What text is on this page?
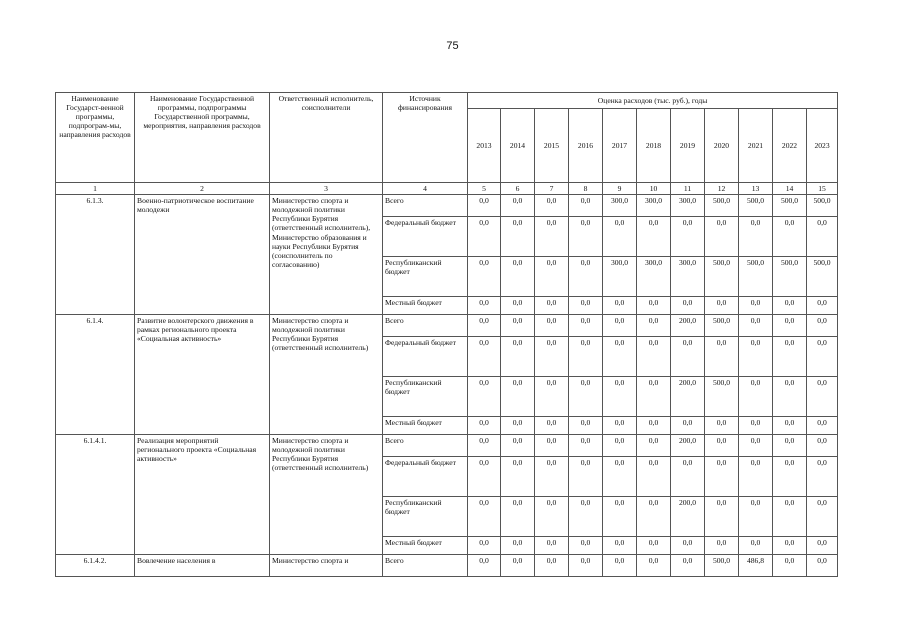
75
Наименование Государст-венной программы, подпрограм-мы, направления расходов	Наименование Государственной программы, подпрограммы Государственной программы, мероприятия, направления расходов	Ответственный исполнитель, соисполнители	Источник финансирования	Оценка расходов (тыс. руб.), годы										
				2013	2014	2015	2016	2017	2018	2019	2020	2021	2022	2023
1	2	3	4	5	6	7	8	9	10	11	12	13	14	15
6.1.3.	Военно-патриотическое воспитание молодежи	Министерство спорта и молодежной политики Республики Бурятия (ответственный исполнитель), Министерство образования и науки Республики Бурятия (соисполнитель по согласованию)	Всего	0,0	0,0	0,0	0,0	300,0	300,0	300,0	500,0	500,0	500,0	500,0
			Федеральный бюджет	0,0	0,0	0,0	0,0	0,0	0,0	0,0	0,0	0,0	0,0	0,0
			Республиканский бюджет	0,0	0,0	0,0	0,0	300,0	300,0	300,0	500,0	500,0	500,0	500,0
			Местный бюджет	0,0	0,0	0,0	0,0	0,0	0,0	0,0	0,0	0,0	0,0	0,0
6.1.4.	Развитие волонтерского движения в рамках регионального проекта «Социальная активность»	Министерство спорта и молодежной политики Республики Бурятия (ответственный исполнитель)	Всего	0,0	0,0	0,0	0,0	0,0	0,0	200,0	500,0	0,0	0,0	0,0
			Федеральный бюджет	0,0	0,0	0,0	0,0	0,0	0,0	0,0	0,0	0,0	0,0	0,0
			Республиканский бюджет	0,0	0,0	0,0	0,0	0,0	0,0	200,0	500,0	0,0	0,0	0,0
			Местный бюджет	0,0	0,0	0,0	0,0	0,0	0,0	0,0	0,0	0,0	0,0	0,0
6.1.4.1.	Реализация мероприятий регионального проекта «Социальная активность»	Министерство спорта и молодежной политики Республики Бурятия (ответственный исполнитель)	Всего	0,0	0,0	0,0	0,0	0,0	0,0	200,0	0,0	0,0	0,0	0,0
			Федеральный бюджет	0,0	0,0	0,0	0,0	0,0	0,0	0,0	0,0	0,0	0,0	0,0
			Республиканский бюджет	0,0	0,0	0,0	0,0	0,0	0,0	200,0	0,0	0,0	0,0	0,0
			Местный бюджет	0,0	0,0	0,0	0,0	0,0	0,0	0,0	0,0	0,0	0,0	0,0
6.1.4.2.	Вовлечение населения в	Министерство спорта и	Всего	0,0	0,0	0,0	0,0	0,0	0,0	0,0	500,0	486,8	0,0	0,0
